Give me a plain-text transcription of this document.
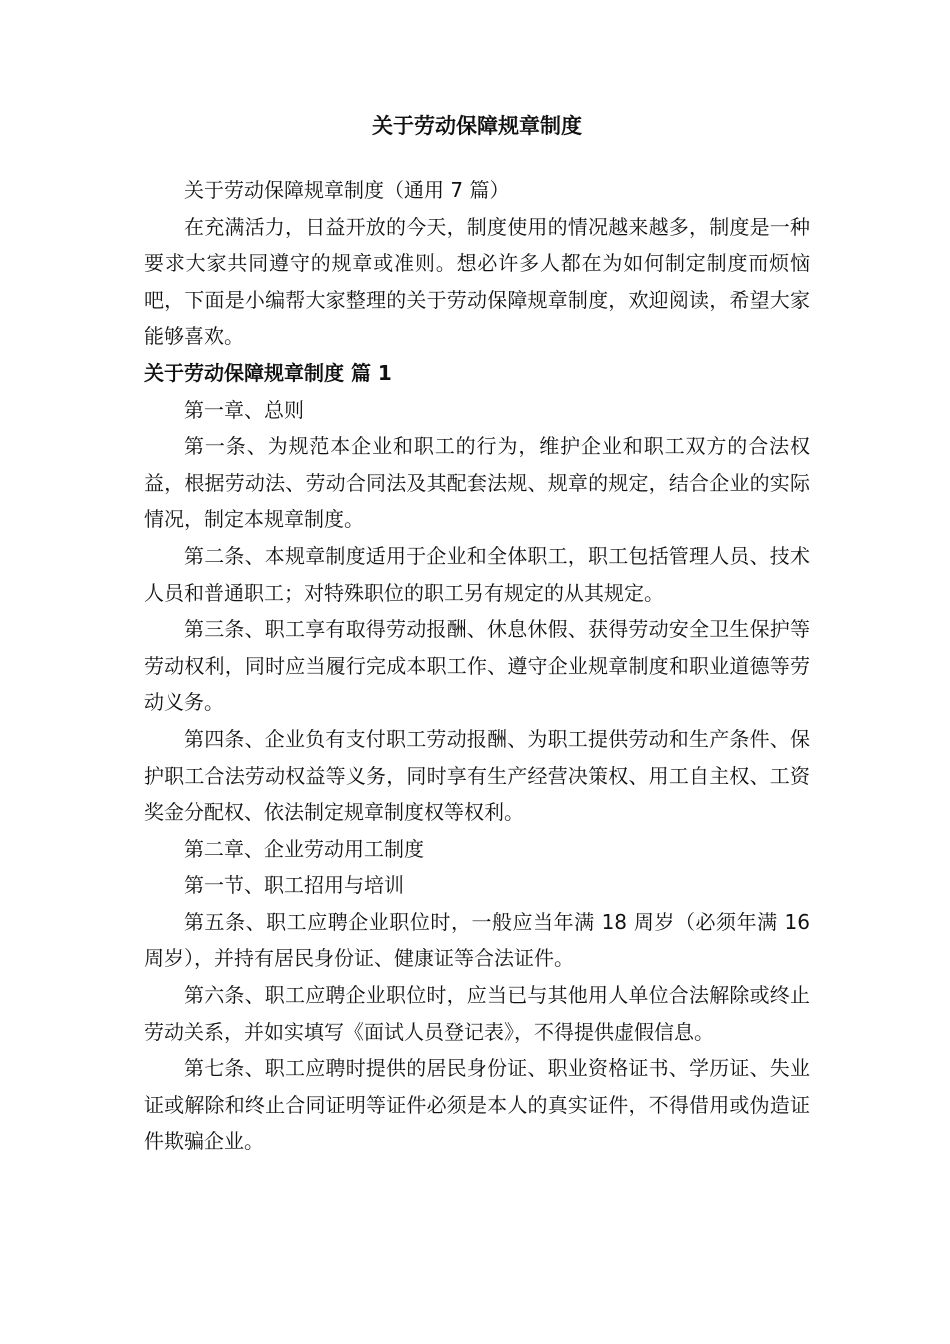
关于劳动保障规章制度

关于劳动保障规章制度（通用 7 篇）

在充满活力，日益开放的今天，制度使用的情况越来越多，制度是一种要求大家共同遵守的规章或准则。想必许多人都在为如何制定制度而烦恼吧，下面是小编帮大家整理的关于劳动保障规章制度，欢迎阅读，希望大家能够喜欢。

关于劳动保障规章制度 篇 1

第一章、总则

第一条、为规范本企业和职工的行为，维护企业和职工双方的合法权益，根据劳动法、劳动合同法及其配套法规、规章的规定，结合企业的实际情况，制定本规章制度。

第二条、本规章制度适用于企业和全体职工，职工包括管理人员、技术人员和普通职工；对特殊职位的职工另有规定的从其规定。

第三条、职工享有取得劳动报酬、休息休假、获得劳动安全卫生保护等劳动权利，同时应当履行完成本职工作、遵守企业规章制度和职业道德等劳动义务。

第四条、企业负有支付职工劳动报酬、为职工提供劳动和生产条件、保护职工合法劳动权益等义务，同时享有生产经营决策权、用工自主权、工资奖金分配权、依法制定规章制度权等权利。

第二章、企业劳动用工制度

第一节、职工招用与培训

第五条、职工应聘企业职位时，一般应当年满 18 周岁（必须年满 16 周岁），并持有居民身份证、健康证等合法证件。

第六条、职工应聘企业职位时，应当已与其他用人单位合法解除或终止劳动关系，并如实填写《面试人员登记表》，不得提供虚假信息。

第七条、职工应聘时提供的居民身份证、职业资格证书、学历证、失业证或解除和终止合同证明等证件必须是本人的真实证件，不得借用或伪造证件欺骗企业。
